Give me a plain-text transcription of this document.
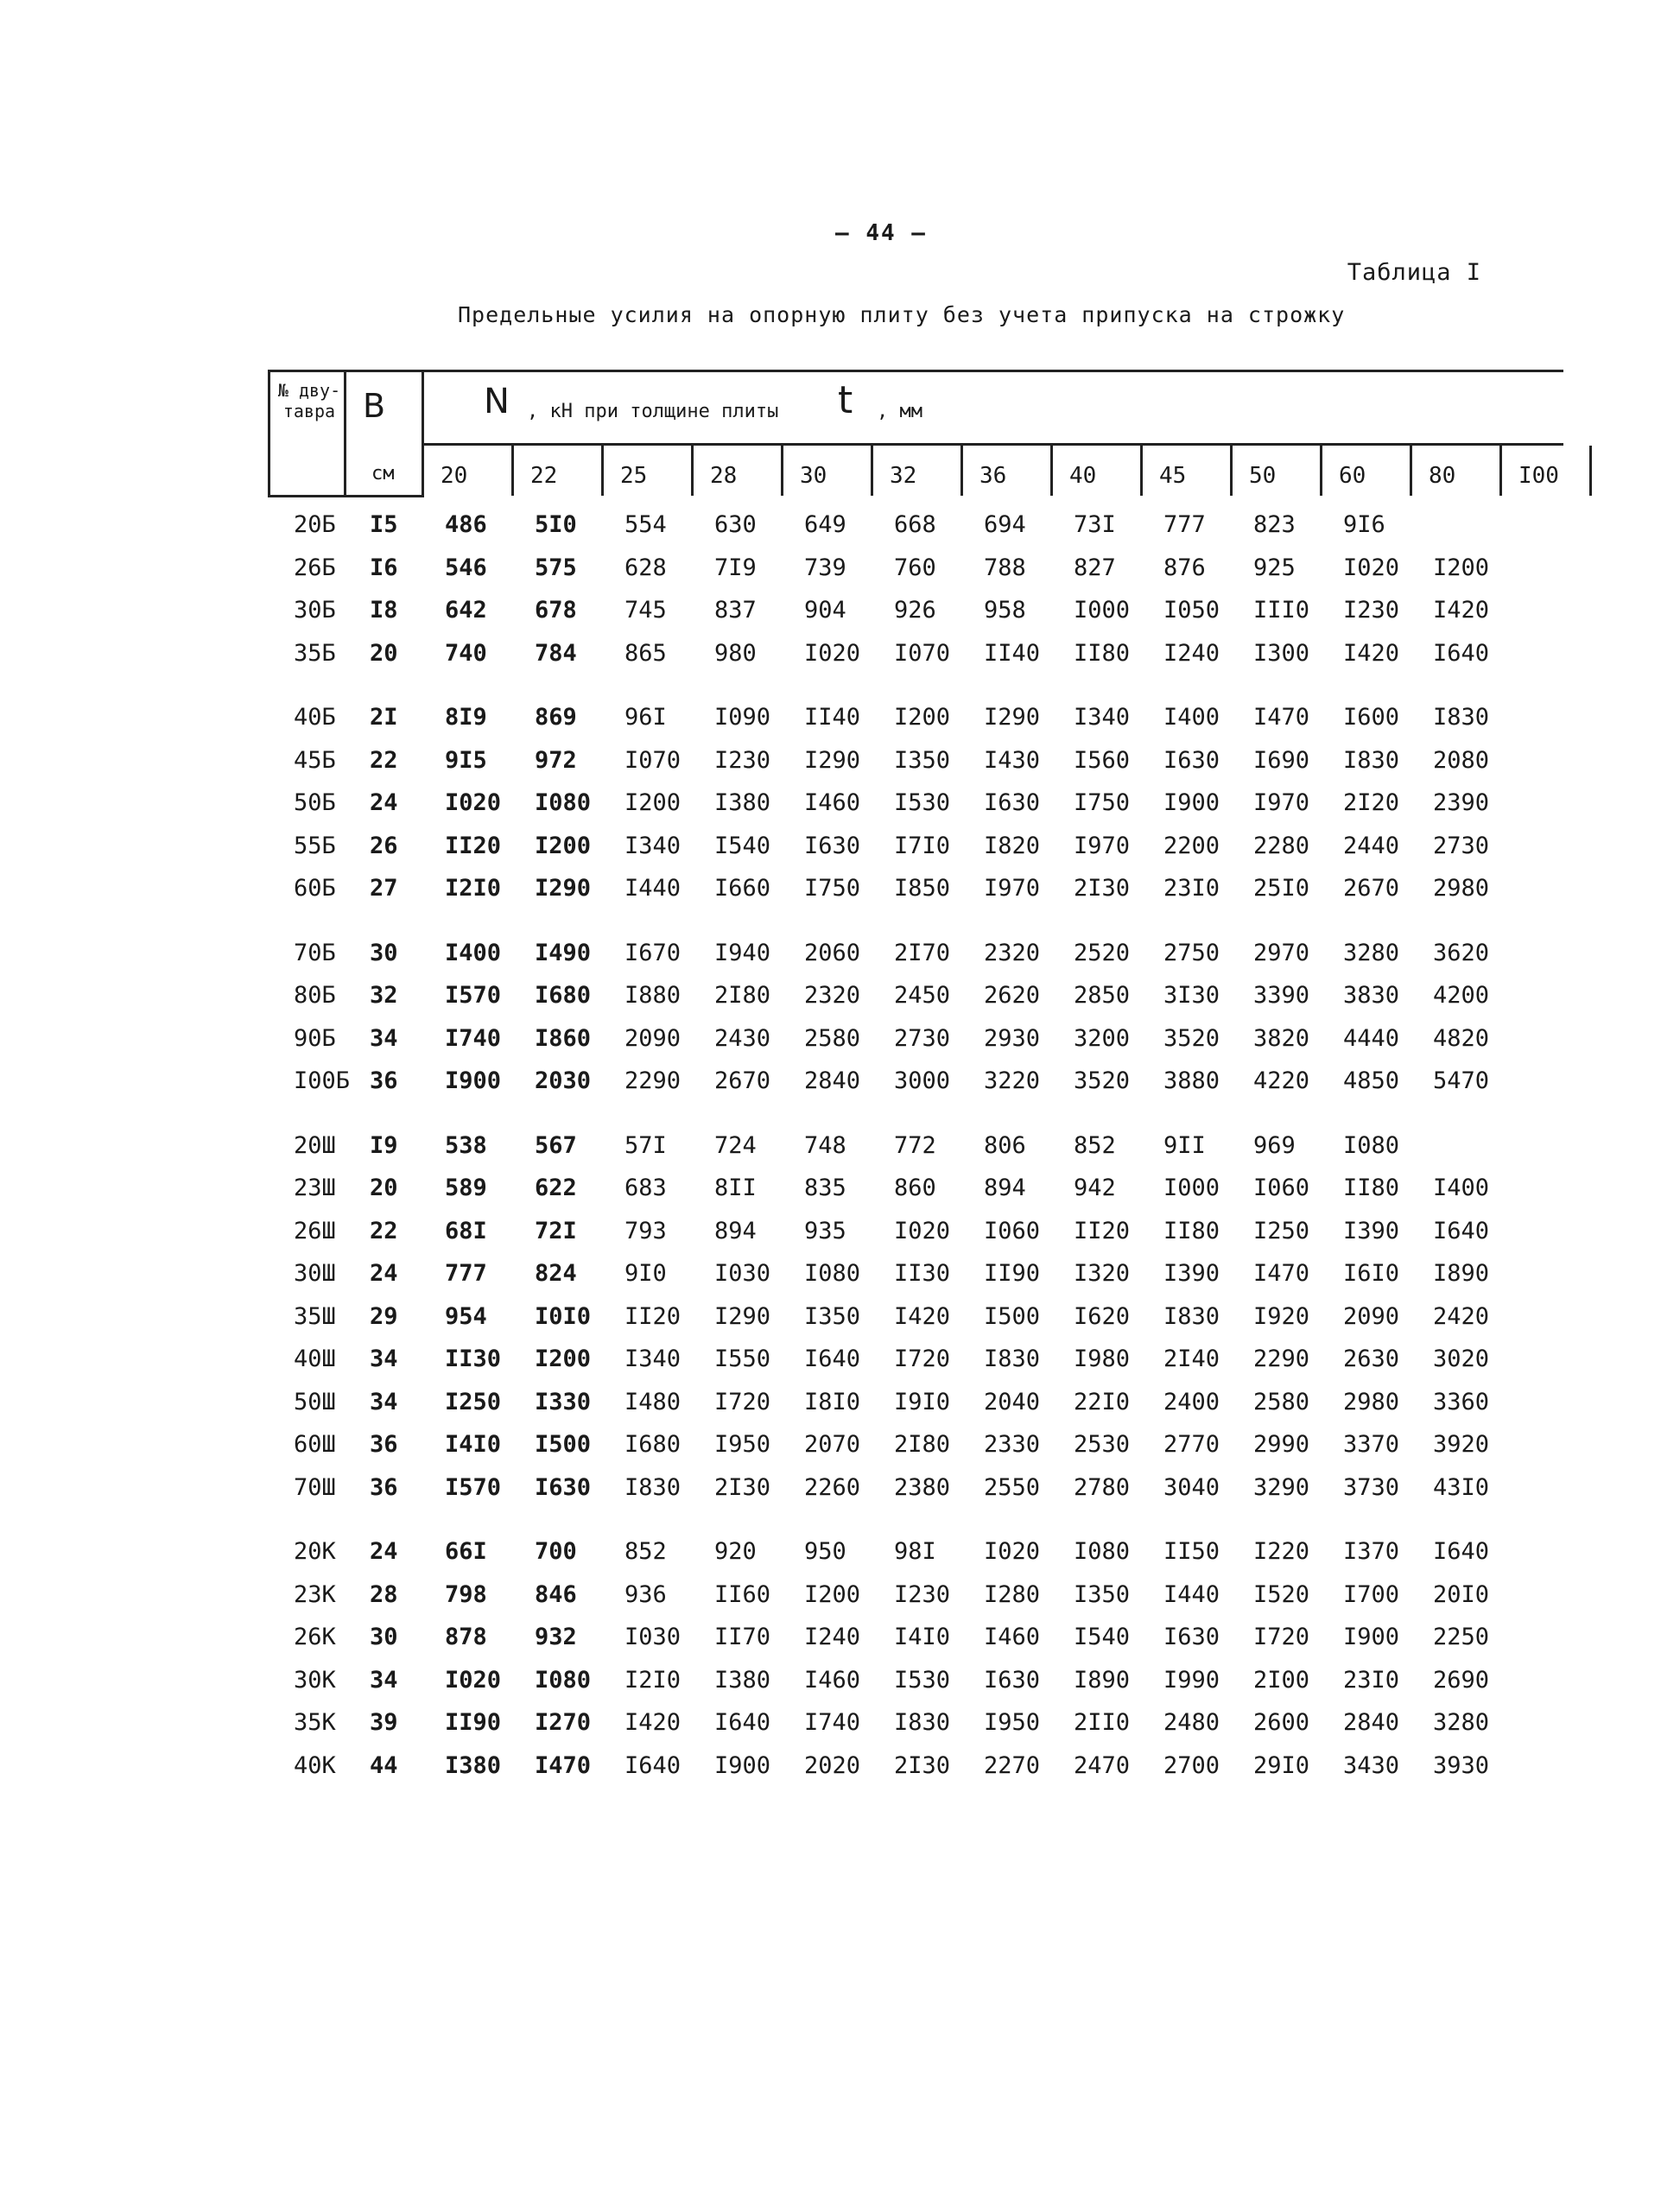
– 44 –
Таблица I
Предельные усилия на опорную плиту без учета припуска на строжку
№ дву-тавра B
см
N , кН при толщине плиты t , мм
20	22	25	28	30	32	36	40	45	50	60	80	I00
20Б I5 486 5I0 554 630 649 668 694 73I 777 823 9I6
26Б I6 546 575 628 7I9 739 760 788 827 876 925 I020 I200
30Б I8 642 678 745 837 904 926 958 I000 I050 III0 I230 I420
35Б 20 740 784 865 980 I020 I070 II40 II80 I240 I300 I420 I640
40Б 2I 8I9 869 96I I090 II40 I200 I290 I340 I400 I470 I600 I830
45Б 22 9I5 972 I070 I230 I290 I350 I430 I560 I630 I690 I830 2080
50Б 24 I020 I080 I200 I380 I460 I530 I630 I750 I900 I970 2I20 2390
55Б 26 II20 I200 I340 I540 I630 I7I0 I820 I970 2200 2280 2440 2730
60Б 27 I2I0 I290 I440 I660 I750 I850 I970 2I30 23I0 25I0 2670 2980
70Б 30 I400 I490 I670 I940 2060 2I70 2320 2520 2750 2970 3280 3620
80Б 32 I570 I680 I880 2I80 2320 2450 2620 2850 3I30 3390 3830 4200
90Б 34 I740 I860 2090 2430 2580 2730 2930 3200 3520 3820 4440 4820
I00Б 36 I900 2030 2290 2670 2840 3000 3220 3520 3880 4220 4850 5470
20Ш I9 538 567 57I 724 748 772 806 852 9II 969 I080
23Ш 20 589 622 683 8II 835 860 894 942 I000 I060 II80 I400
26Ш 22 68I 72I 793 894 935 I020 I060 II20 II80 I250 I390 I640
30Ш 24 777 824 9I0 I030 I080 II30 II90 I320 I390 I470 I6I0 I890
35Ш 29 954 I0I0 II20 I290 I350 I420 I500 I620 I830 I920 2090 2420
40Ш 34 II30 I200 I340 I550 I640 I720 I830 I980 2I40 2290 2630 3020
50Ш 34 I250 I330 I480 I720 I8I0 I9I0 2040 22I0 2400 2580 2980 3360
60Ш 36 I4I0 I500 I680 I950 2070 2I80 2330 2530 2770 2990 3370 3920
70Ш 36 I570 I630 I830 2I30 2260 2380 2550 2780 3040 3290 3730 43I0
20К 24 66I 700 852 920 950 98I I020 I080 II50 I220 I370 I640
23К 28 798 846 936 II60 I200 I230 I280 I350 I440 I520 I700 20I0
26К 30 878 932 I030 II70 I240 I4I0 I460 I540 I630 I720 I900 2250
30К 34 I020 I080 I2I0 I380 I460 I530 I630 I890 I990 2I00 23I0 2690
35К 39 II90 I270 I420 I640 I740 I830 I950 2II0 2480 2600 2840 3280
40К 44 I380 I470 I640 I900 2020 2I30 2270 2470 2700 29I0 3430 3930
